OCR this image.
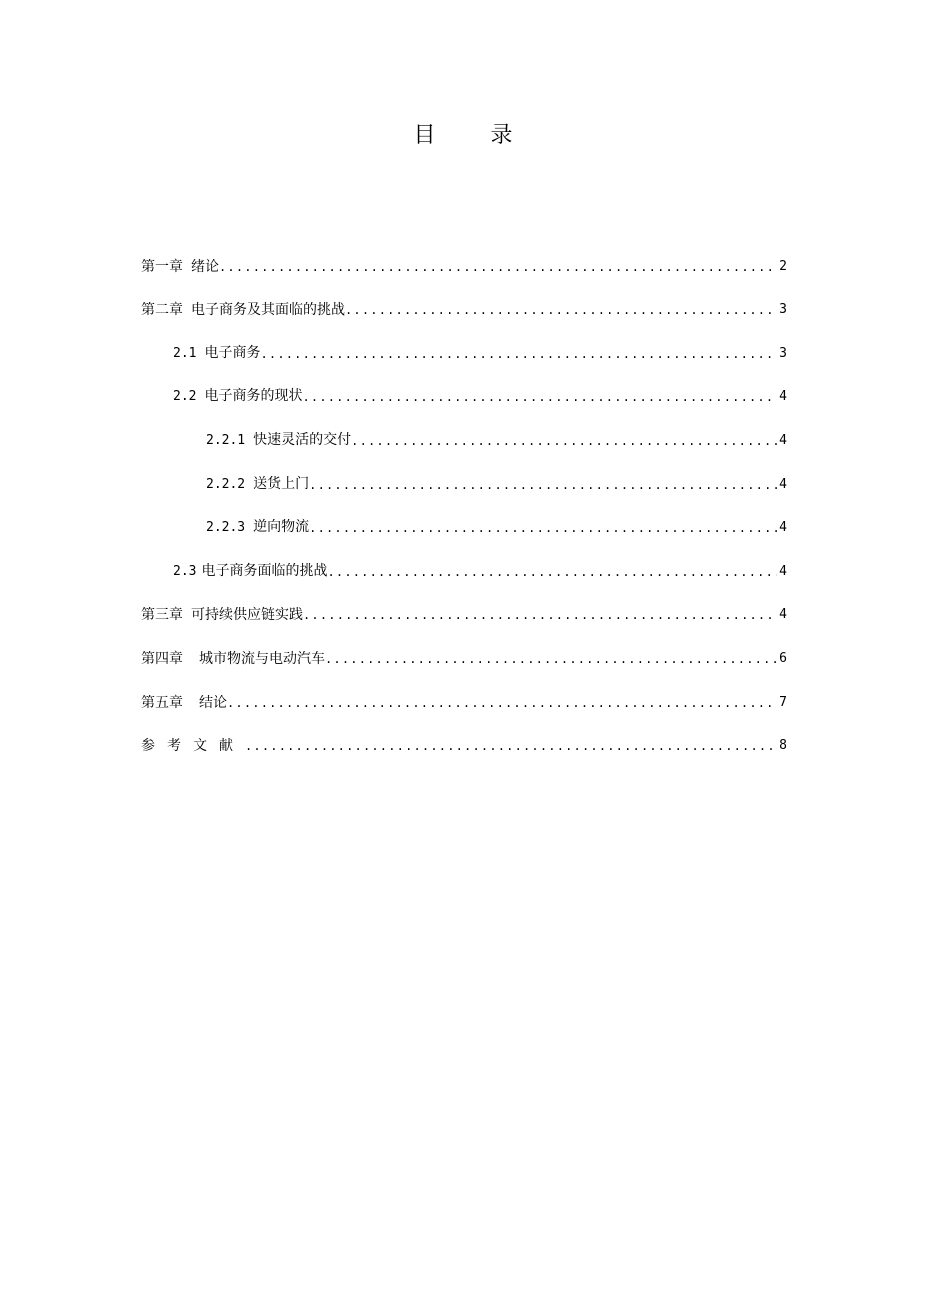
目 录
第一章 绪论 .....	2
第二章 电子商务及其面临的挑战 .....	3
2.1 电子商务 .....	3
2.2 电子商务的现状 .....	4
2.2.1 快速灵活的交付 .....	4
2.2.2 送货上门 .....	4
2.2.3 逆向物流 .....	4
2.3 电子商务面临的挑战 .....	4
第三章 可持续供应链实践 .....	4
第四章 城市物流与电动汽车 .....	6
第五章 结论 .....	7
参考文献 .....	8
